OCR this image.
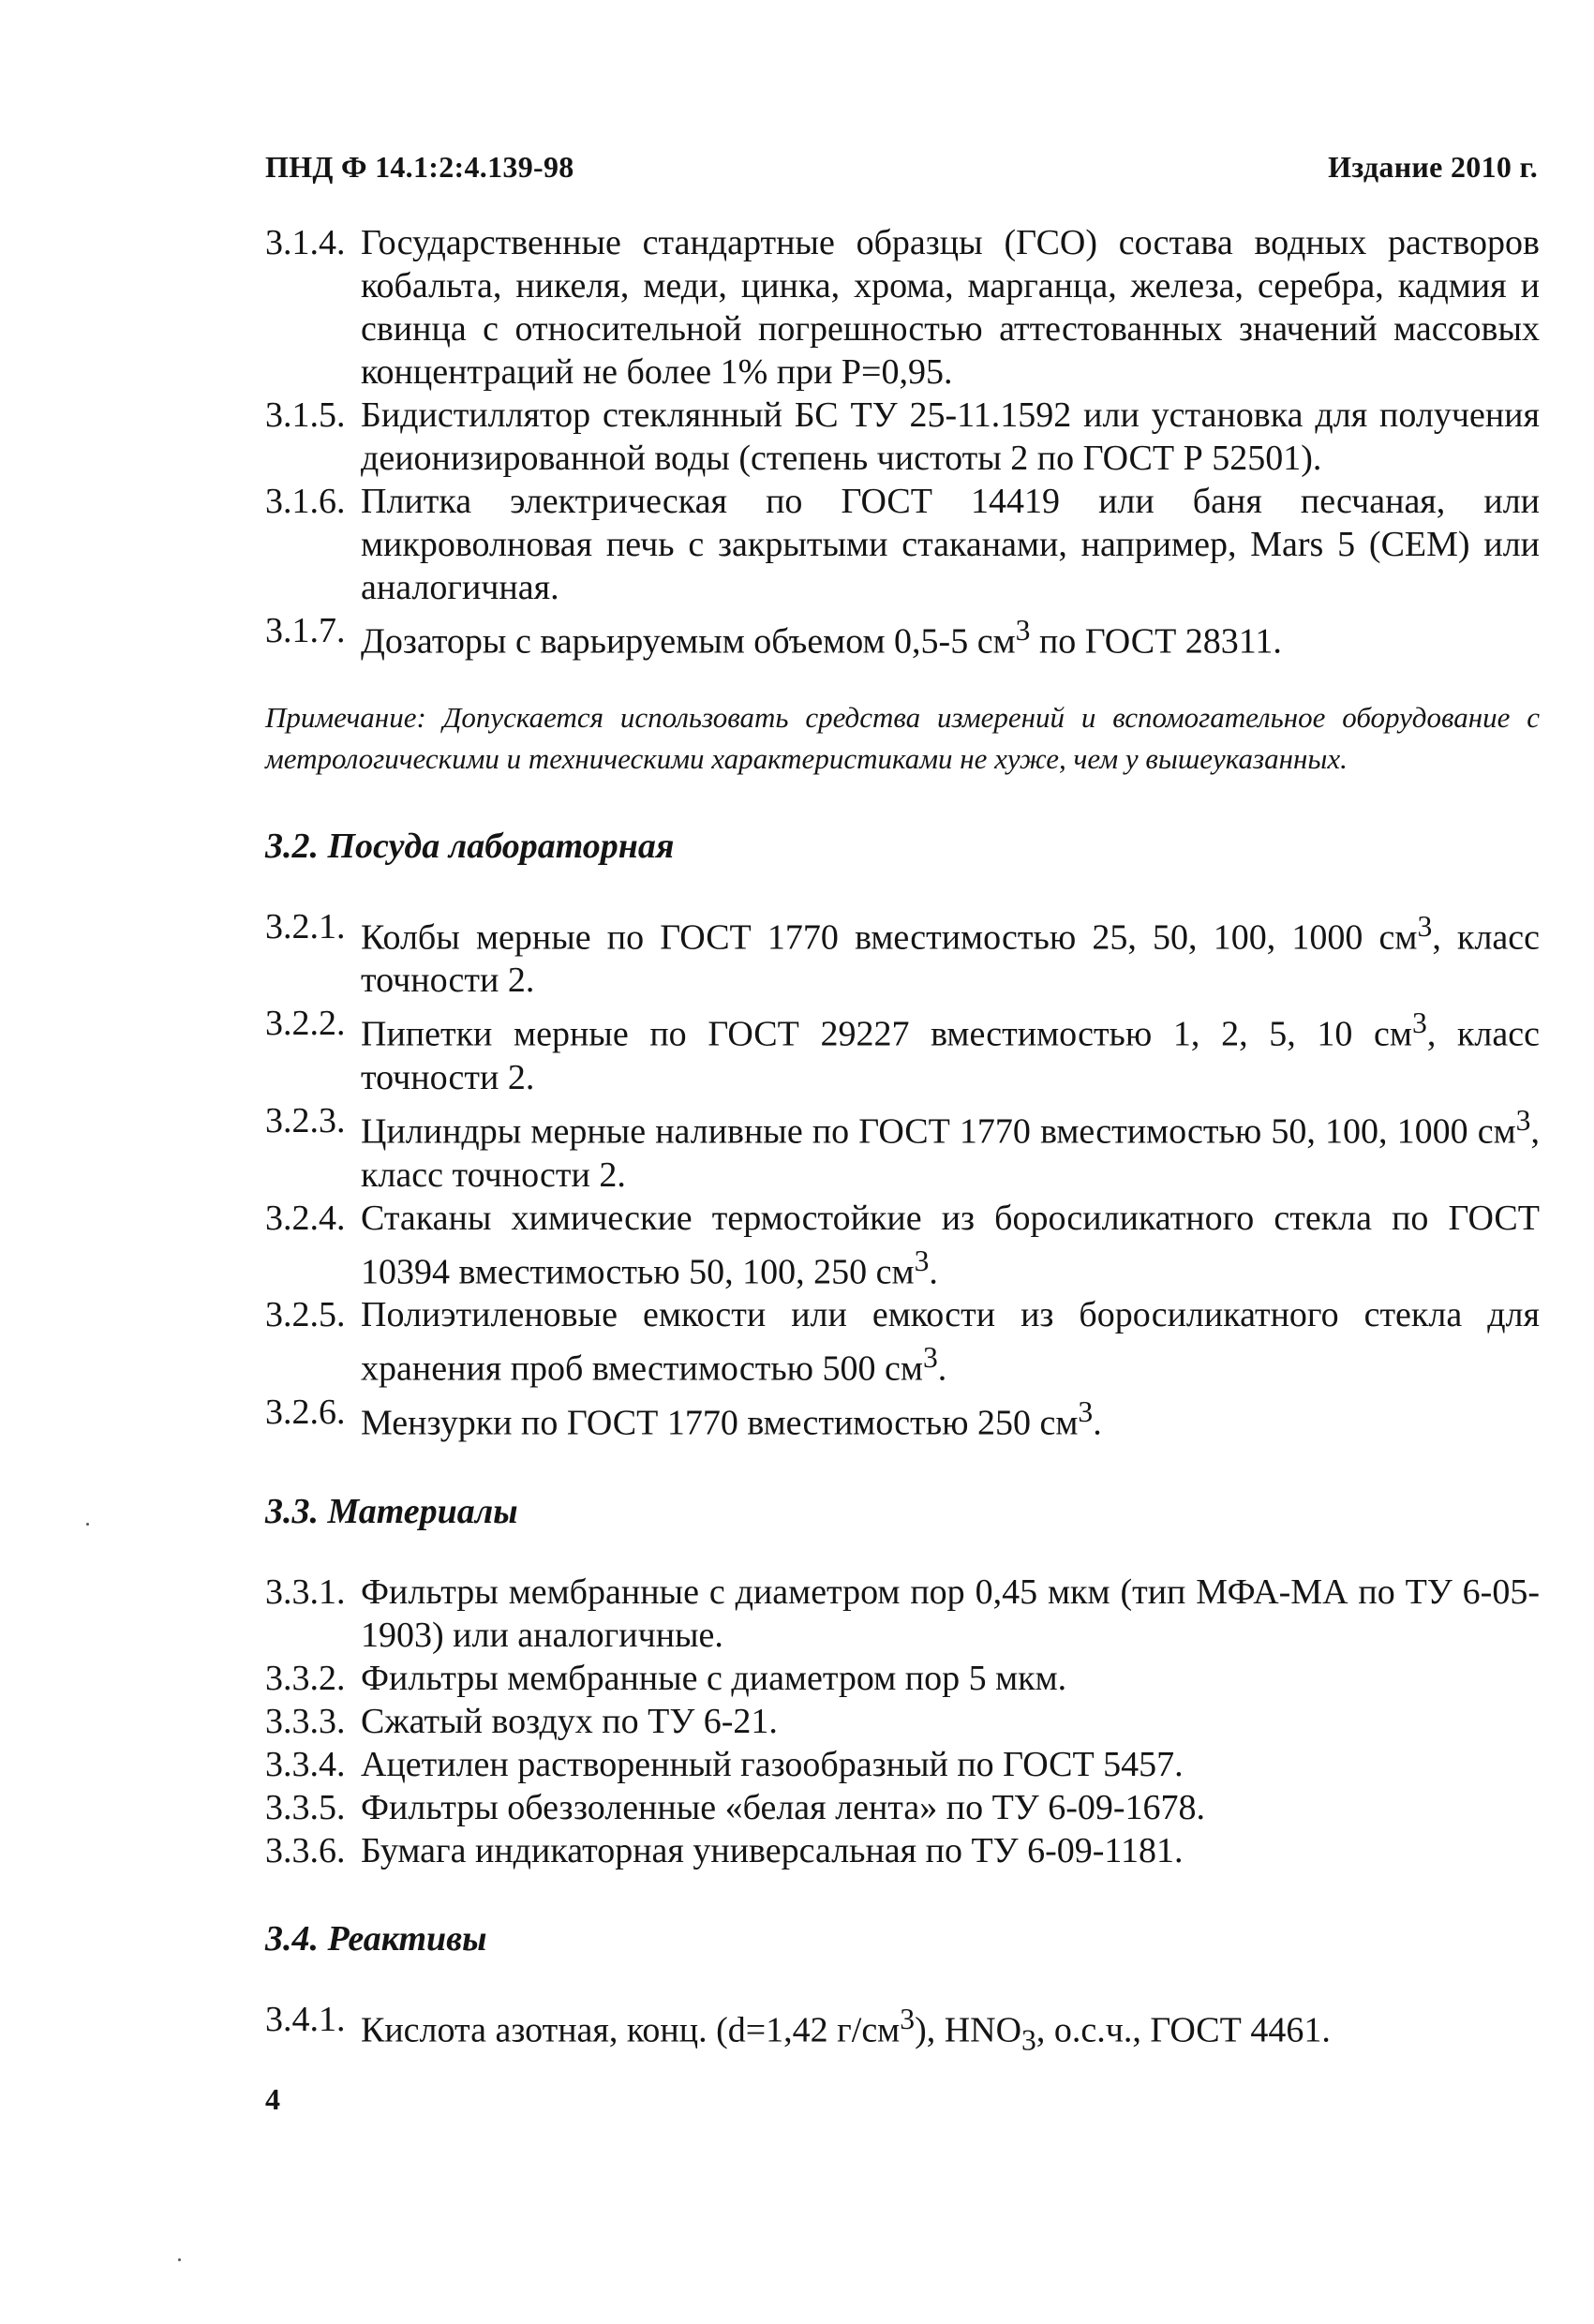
ПНД Ф 14.1:2:4.139-98	Издание 2010 г.
3.1.4. Государственные стандартные образцы (ГСО) состава водных растворов кобальта, никеля, меди, цинка, хрома, марганца, железа, серебра, кадмия и свинца с относительной погрешностью аттестованных значений массовых концентраций не более 1% при Р=0,95.
3.1.5. Бидистиллятор стеклянный БС ТУ 25-11.1592 или установка для получения деионизированной воды (степень чистоты 2 по ГОСТ Р 52501).
3.1.6. Плитка электрическая по ГОСТ 14419 или баня песчаная, или микроволновая печь с закрытыми стаканами, например, Mars 5 (CEM) или аналогичная.
3.1.7. Дозаторы с варьируемым объемом 0,5-5 $см^3$ по ГОСТ 28311.
Примечание: Допускается использовать средства измерений и вспомогательное оборудование с метрологическими и техническими характеристиками не хуже, чем у вышеуказанных.
3.2. Посуда лабораторная
3.2.1. Колбы мерные по ГОСТ 1770 вместимостью 25, 50, 100, 1000 $см^3$, класс точности 2.
3.2.2. Пипетки мерные по ГОСТ 29227 вместимостью 1, 2, 5, 10 $см^3$, класс точности 2.
3.2.3. Цилиндры мерные наливные по ГОСТ 1770 вместимостью 50, 100, 1000 $см^3$, класс точности 2.
3.2.4. Стаканы химические термостойкие из боросиликатного стекла по ГОСТ 10394 вместимостью 50, 100, 250 $см^3$.
3.2.5. Полиэтиленовые емкости или емкости из боросиликатного стекла для хранения проб вместимостью 500 $см^3$.
3.2.6. Мензурки по ГОСТ 1770 вместимостью 250 $см^3$.
3.3. Материалы
3.3.1. Фильтры мембранные с диаметром пор 0,45 мкм (тип МФА-МА по ТУ 6-05-1903) или аналогичные.
3.3.2. Фильтры мембранные с диаметром пор 5 мкм.
3.3.3. Сжатый воздух по ТУ 6-21.
3.3.4. Ацетилен растворенный газообразный по ГОСТ 5457.
3.3.5. Фильтры обеззоленные «белая лента» по ТУ 6-09-1678.
3.3.6. Бумага индикаторная универсальная по ТУ 6-09-1181.
3.4. Реактивы
3.4.1. Кислота азотная, конц. (d=1,42 $г/см^3$), $HNO_3$, о.с.ч., ГОСТ 4461.
4
